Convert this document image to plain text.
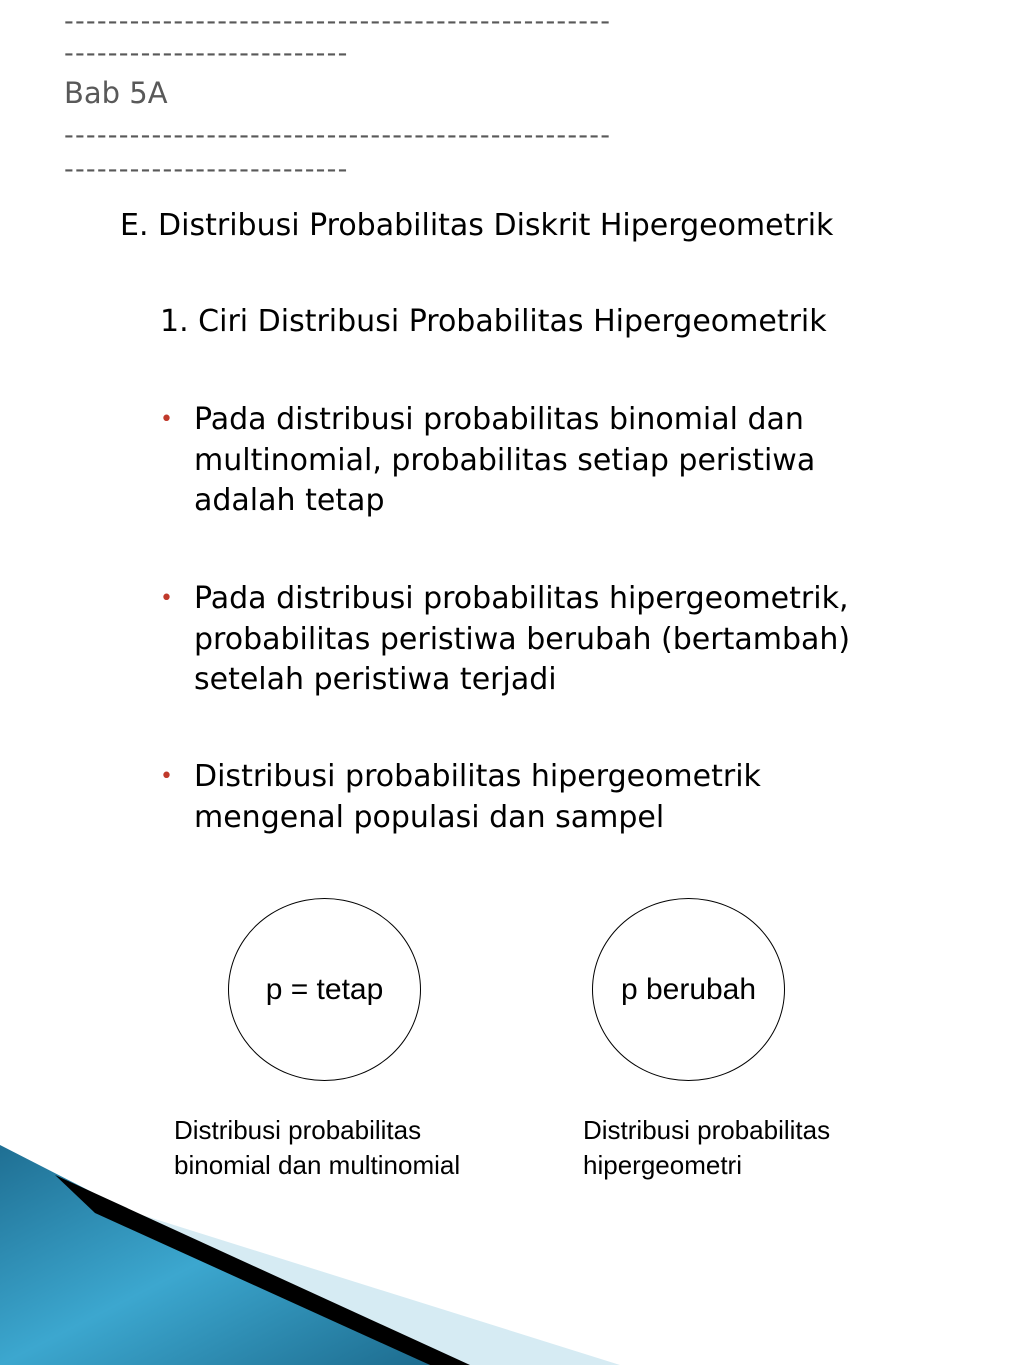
--------------------------------------------------
--------------------------
Bab 5A
--------------------------------------------------
--------------------------
E. Distribusi Probabilitas Diskrit Hipergeometrik
1. Ciri Distribusi Probabilitas Hipergeometrik
• Pada distribusi probabilitas binomial dan
multinomial, probabilitas setiap peristiwa
adalah tetap
• Pada distribusi probabilitas hipergeometrik,
probabilitas peristiwa berubah (bertambah)
setelah peristiwa terjadi
• Distribusi probabilitas hipergeometrik
mengenal populasi dan sampel
p = tetap	p berubah
Distribusi probabilitas
binomial dan multinomial
Distribusi probabilitas
hipergeometri
